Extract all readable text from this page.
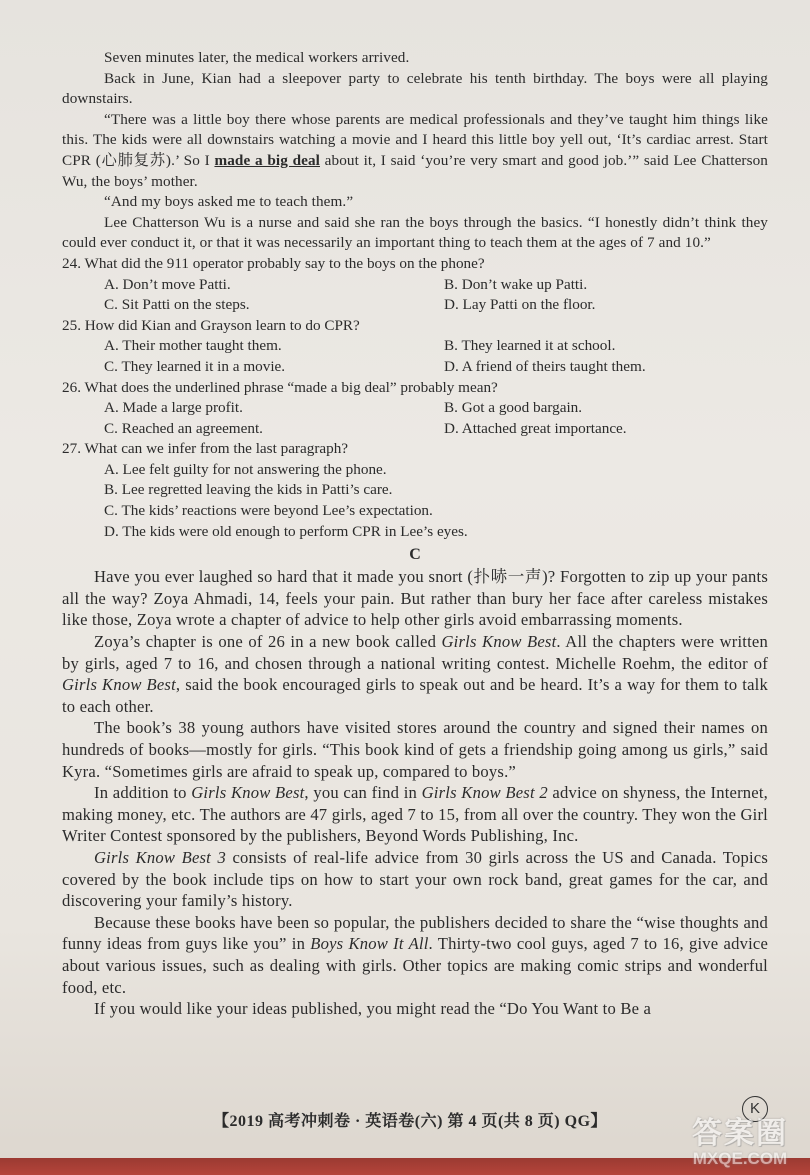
Seven minutes later, the medical workers arrived.

Back in June, Kian had a sleepover party to celebrate his tenth birthday. The boys were all playing downstairs.

“There was a little boy there whose parents are medical professionals and they’ve taught him things like this. The kids were all downstairs watching a movie and I heard this little boy yell out, ‘It’s cardiac arrest. Start CPR (心肺复苏).’ So I made a big deal about it, I said ‘you’re very smart and good job.’” said Lee Chatterson Wu, the boys’ mother.

“And my boys asked me to teach them.”

Lee Chatterson Wu is a nurse and said she ran the boys through the basics. “I honestly didn’t think they could ever conduct it, or that it was necessarily an important thing to teach them at the ages of 7 and 10.”

24. What did the 911 operator probably say to the boys on the phone?

A. Don’t move Patti.	B. Don’t wake up Patti.
C. Sit Patti on the steps.	D. Lay Patti on the floor.

25. How did Kian and Grayson learn to do CPR?

A. Their mother taught them.	B. They learned it at school.
C. They learned it in a movie.	D. A friend of theirs taught them.

26. What does the underlined phrase “made a big deal” probably mean?

A. Made a large profit.	B. Got a good bargain.
C. Reached an agreement.	D. Attached great importance.

27. What can we infer from the last paragraph?

A. Lee felt guilty for not answering the phone.

B. Lee regretted leaving the kids in Patti’s care.

C. The kids’ reactions were beyond Lee’s expectation.

D. The kids were old enough to perform CPR in Lee’s eyes.

C

Have you ever laughed so hard that it made you snort (扑哧一声)? Forgotten to zip up your pants all the way? Zoya Ahmadi, 14, feels your pain. But rather than bury her face after careless mistakes like those, Zoya wrote a chapter of advice to help other girls avoid embarrassing moments.

Zoya’s chapter is one of 26 in a new book called Girls Know Best. All the chapters were written by girls, aged 7 to 16, and chosen through a national writing contest. Michelle Roehm, the editor of Girls Know Best, said the book encouraged girls to speak out and be heard. It’s a way for them to talk to each other.

The book’s 38 young authors have visited stores around the country and signed their names on hundreds of books—mostly for girls. “This book kind of gets a friendship going among us girls,” said Kyra. “Sometimes girls are afraid to speak up, compared to boys.”

In addition to Girls Know Best, you can find in Girls Know Best 2 advice on shyness, the Internet, making money, etc. The authors are 47 girls, aged 7 to 15, from all over the country. They won the Girl Writer Contest sponsored by the publishers, Beyond Words Publishing, Inc.

Girls Know Best 3 consists of real-life advice from 30 girls across the US and Canada. Topics covered by the book include tips on how to start your own rock band, great games for the car, and discovering your family’s history.

Because these books have been so popular, the publishers decided to share the “wise thoughts and funny ideas from guys like you” in Boys Know It All. Thirty-two cool guys, aged 7 to 16, give advice about various issues, such as dealing with girls. Other topics are making comic strips and wonderful food, etc.

If you would like your ideas published, you might read the “Do You Want to Be a

【2019 高考冲刺卷 · 英语卷(六) 第 4 页(共 8 页) QG】
K
答案圈
MXQE.COM
